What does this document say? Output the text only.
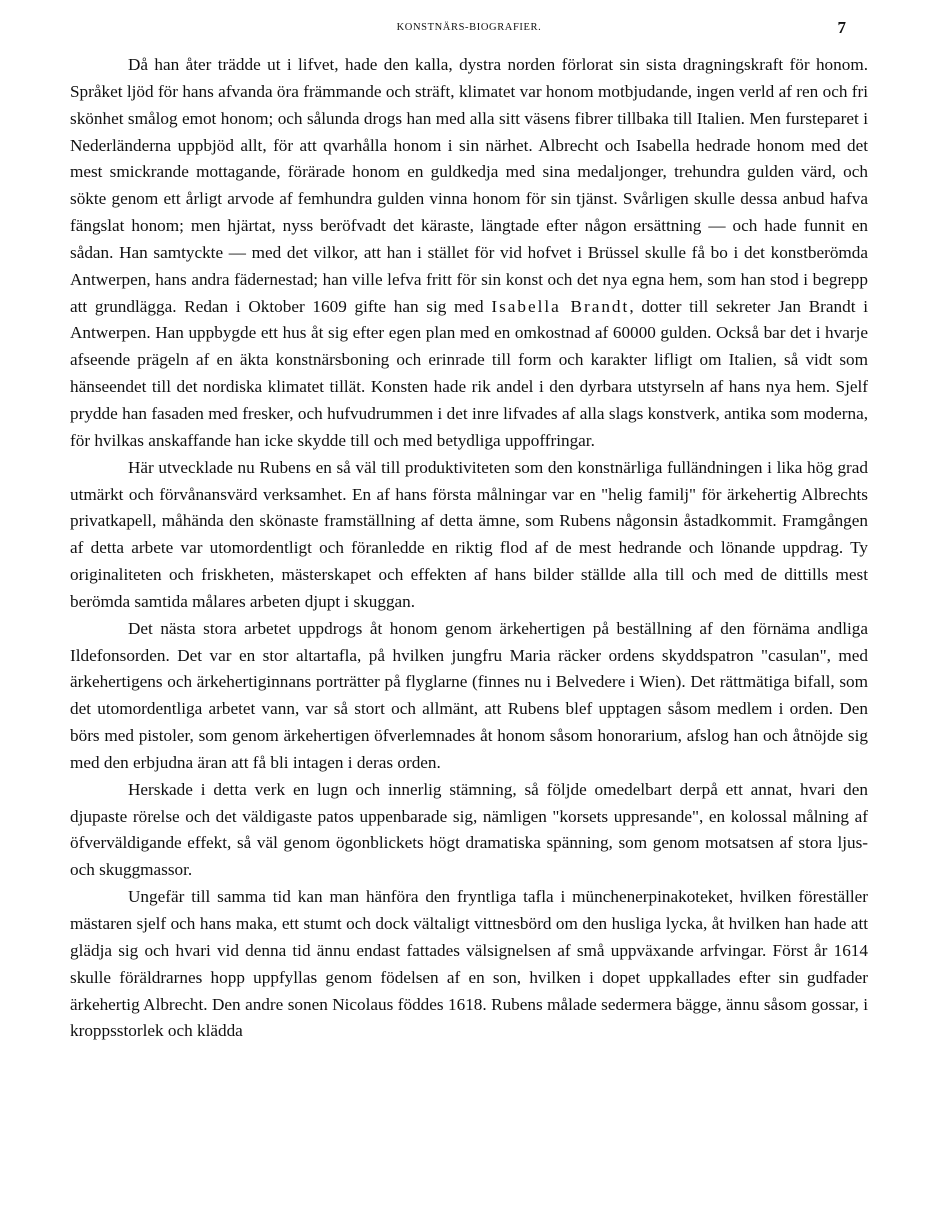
KONSTNÄRS-BIOGRAFIER.	7

Då han åter trädde ut i lifvet, hade den kalla, dystra norden förlorat sin sista dragningskraft för honom. Språket ljöd för hans afvanda öra främmande och sträft, klimatet var honom motbjudande, ingen verld af ren och fri skönhet smålog emot honom; och sålunda drogs han med alla sitt väsens fibrer tillbaka till Italien. Men fursteparet i Nederländerna uppbjöd allt, för att qvarhålla honom i sin närhet. Albrecht och Isabella hedrade honom med det mest smickrande mottagande, förärade honom en guldkedja med sina medaljonger, trehundra gulden värd, och sökte genom ett årligt arvode af femhundra gulden vinna honom för sin tjänst. Svårligen skulle dessa anbud hafva fängslat honom; men hjärtat, nyss beröfvadt det käraste, längtade efter någon ersättning — och hade funnit en sådan. Han samtyckte — med det vilkor, att han i stället för vid hofvet i Brüssel skulle få bo i det konstberömda Antwerpen, hans andra fädernestad; han ville lefva fritt för sin konst och det nya egna hem, som han stod i begrepp att grundlägga. Redan i Oktober 1609 gifte han sig med Isabella Brandt, dotter till sekreter Jan Brandt i Antwerpen. Han uppbygde ett hus åt sig efter egen plan med en omkostnad af 60000 gulden. Också bar det i hvarje afseende prägeln af en äkta konstnärsboning och erinrade till form och karakter lifligt om Italien, så vidt som hänseendet till det nordiska klimatet tillät. Konsten hade rik andel i den dyrbara utstyrseln af hans nya hem. Sjelf prydde han fasaden med fresker, och hufvudrummen i det inre lifvades af alla slags konstverk, antika som moderna, för hvilkas anskaffande han icke skydde till och med betydliga uppoffringar.

Här utvecklade nu Rubens en så väl till produktiviteten som den konstnärliga fulländningen i lika hög grad utmärkt och förvånansvärd verksamhet. En af hans första målningar var en "helig familj" för ärkehertig Albrechts privatkapell, måhända den skönaste framställning af detta ämne, som Rubens någonsin åstadkommit. Framgången af detta arbete var utomordentligt och föranledde en riktig flod af de mest hedrande och lönande uppdrag. Ty originaliteten och friskheten, mästerskapet och effekten af hans bilder ställde alla till och med de dittills mest berömda samtida målares arbeten djupt i skuggan.

Det nästa stora arbetet uppdrogs åt honom genom ärkehertigen på beställning af den förnäma andliga Ildefonsorden. Det var en stor altartafla, på hvilken jungfru Maria räcker ordens skyddspatron "casulan", med ärkehertigens och ärkehertiginnans porträtter på flyglarne (finnes nu i Belvedere i Wien). Det rättmätiga bifall, som det utomordentliga arbetet vann, var så stort och allmänt, att Rubens blef upptagen såsom medlem i orden. Den börs med pistoler, som genom ärkehertigen öfverlemnades åt honom såsom honorarium, afslog han och åtnöjde sig med den erbjudna äran att få bli intagen i deras orden.

Herskade i detta verk en lugn och innerlig stämning, så följde omedelbart derpå ett annat, hvari den djupaste rörelse och det väldigaste patos uppenbarade sig, nämligen "korsets uppresande", en kolossal målning af öfverväldigande effekt, så väl genom ögonblickets högt dramatiska spänning, som genom motsatsen af stora ljus- och skuggmassor.

Ungefär till samma tid kan man hänföra den fryntliga tafla i münchenerpinakoteket, hvilken föreställer mästaren sjelf och hans maka, ett stumt och dock vältaligt vittnesbörd om den husliga lycka, åt hvilken han hade att glädja sig och hvari vid denna tid ännu endast fattades välsignelsen af små uppväxande arfvingar. Först år 1614 skulle föräldrarnes hopp uppfyllas genom födelsen af en son, hvilken i dopet uppkallades efter sin gudfader ärkehertig Albrecht. Den andre sonen Nicolaus föddes 1618. Rubens målade sedermera bägge, ännu såsom gossar, i kroppsstorlek och klädda
